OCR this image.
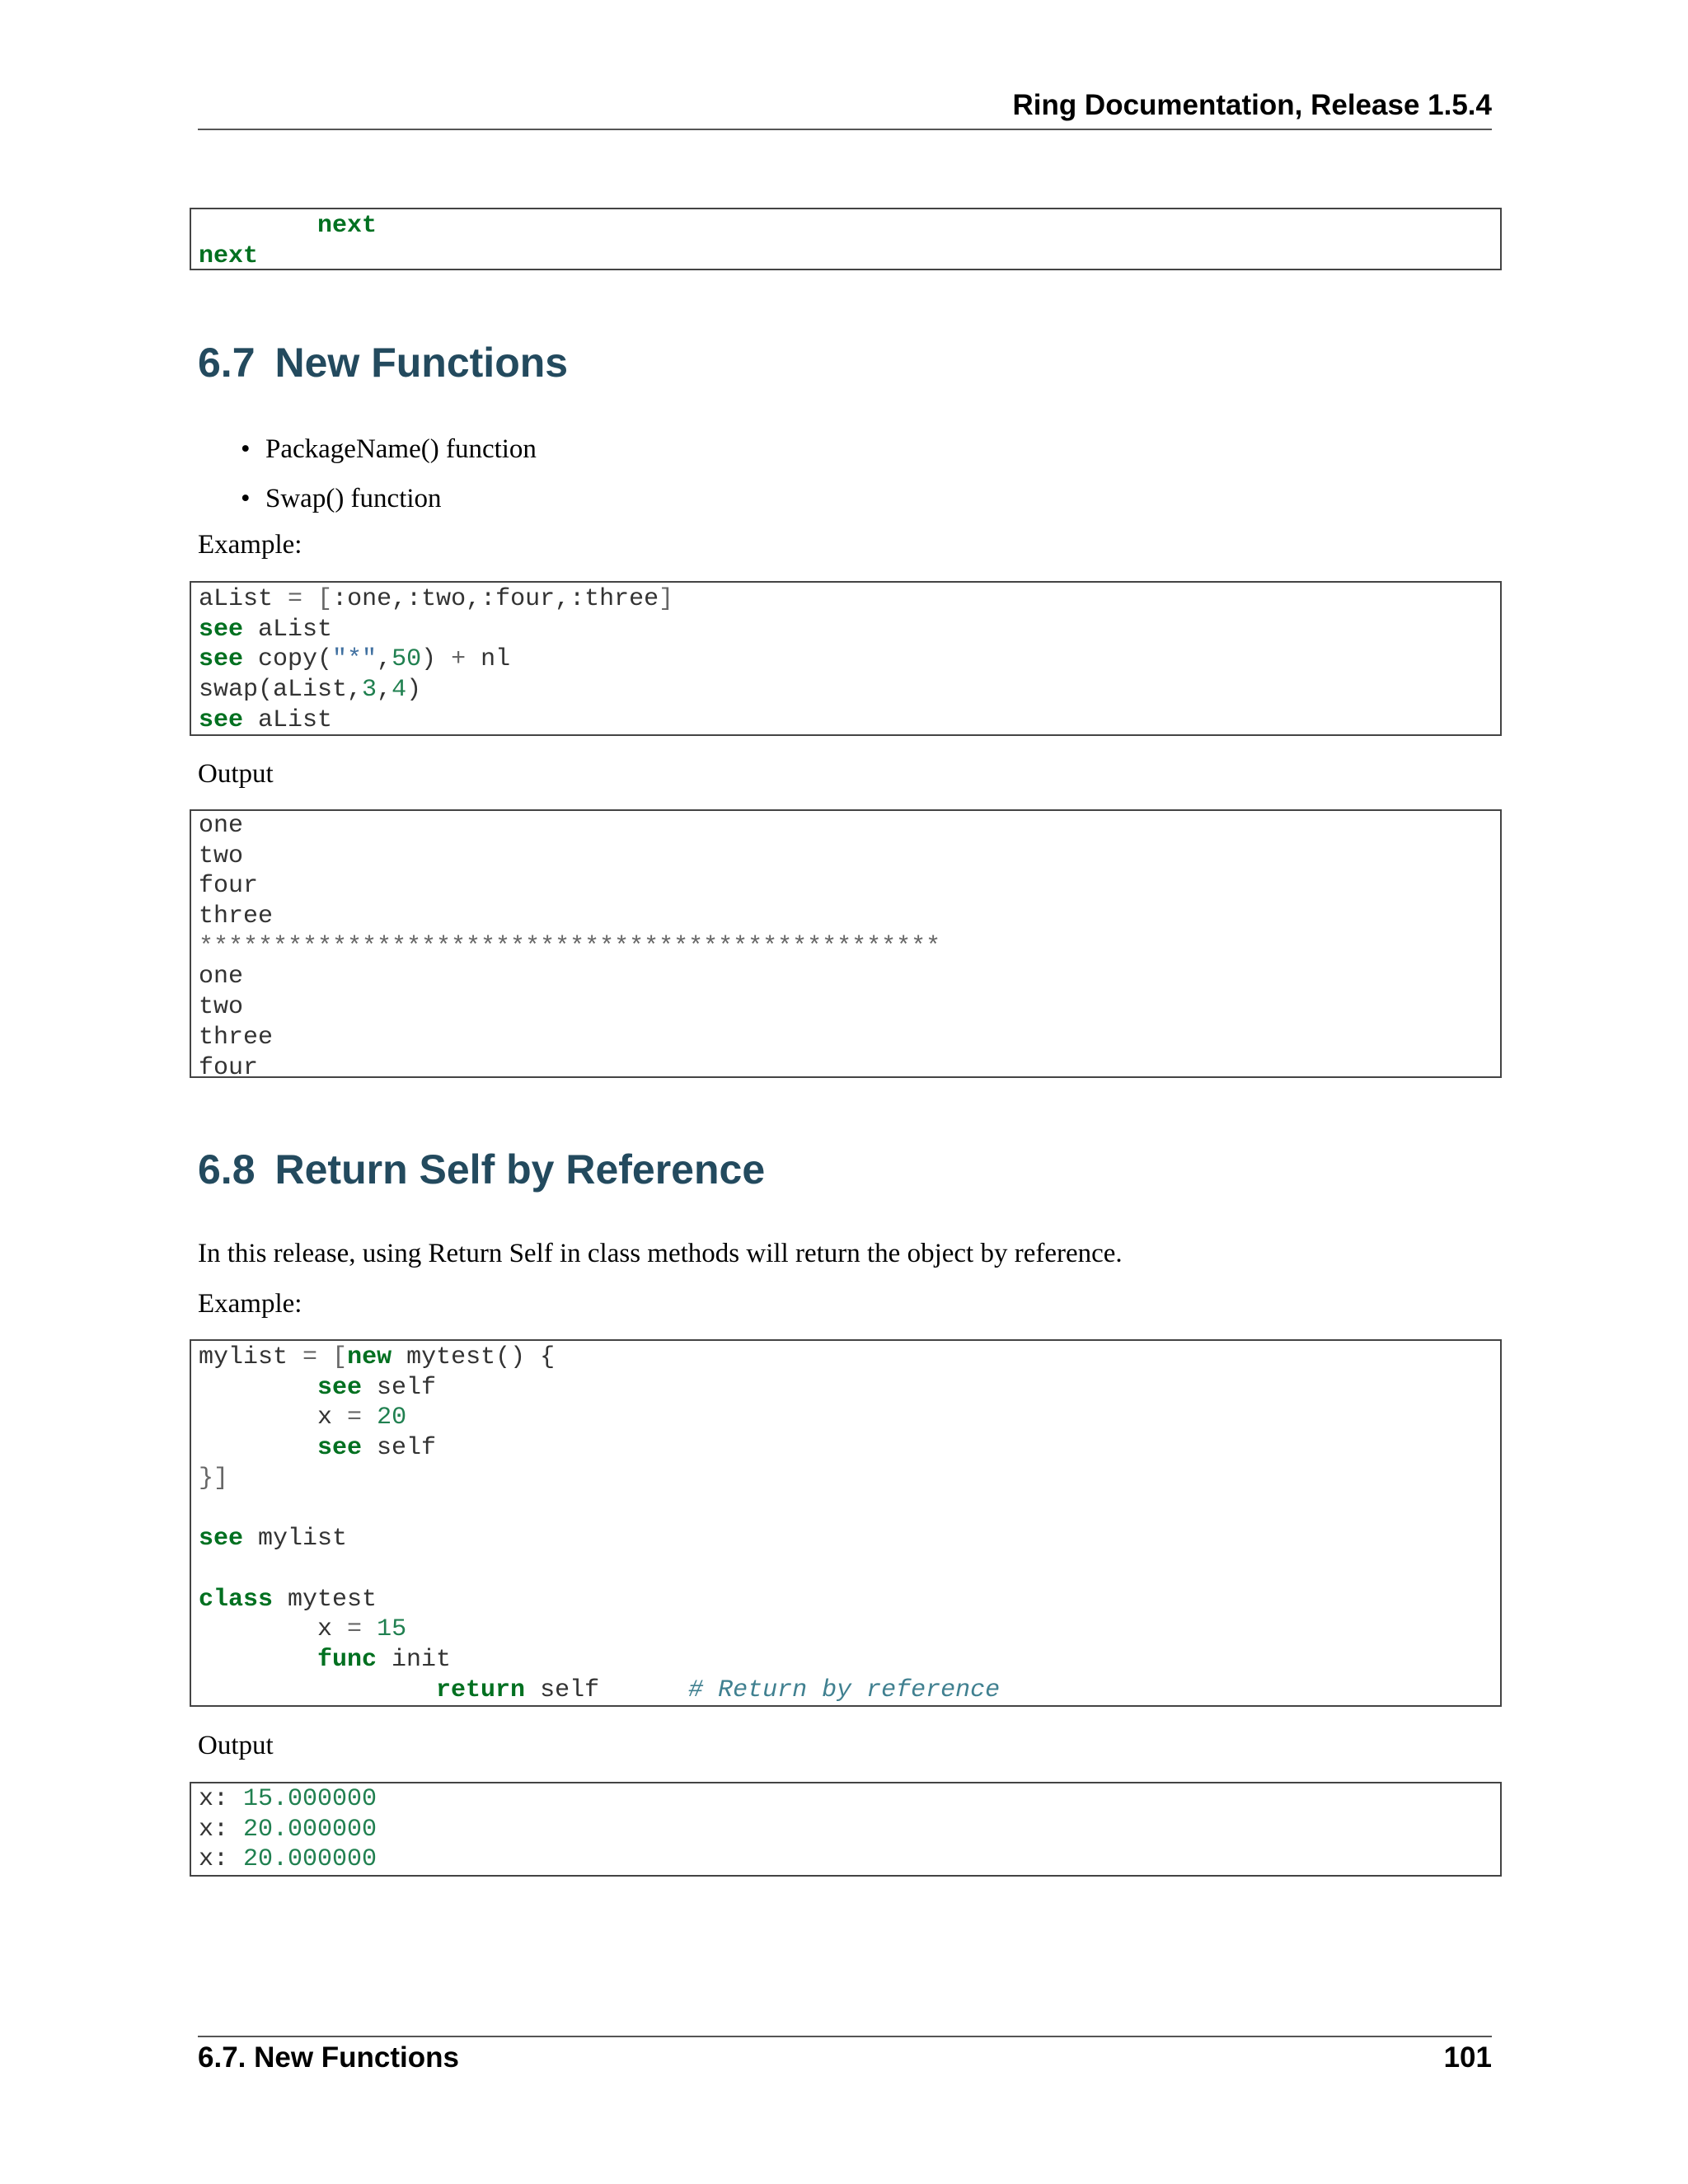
Ring Documentation, Release 1.5.4
next
next
6.7 New Functions
• PackageName() function
• Swap() function

Example:

aList = [:one,:two,:four,:three]
see aList
see copy("*",50) + nl
swap(aList,3,4)
see aList

Output

one
two
four
three
**************************************************
one
two
three
four
6.8 Return Self by Reference

In this release, using Return Self in class methods will return the object by reference.

Example:

mylist = [new mytest() {
see self
x = 20
see self
}]
see mylist
class mytest
x = 15
func init
return self      # Return by reference

Output

x: 15.000000
x: 20.000000
x: 20.000000
6.7. New Functions	101
